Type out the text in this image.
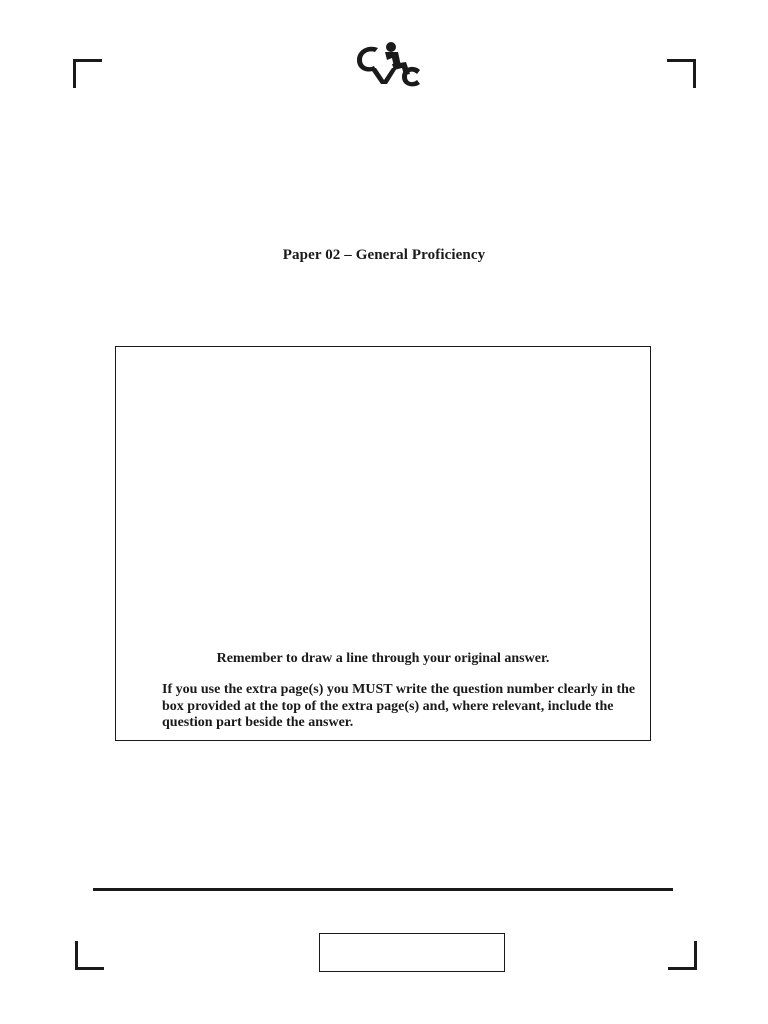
Paper 02 – General Proficiency
Remember to draw a line through your original answer.
If you use the extra page(s) you MUST write the question number clearly in the box provided at the top of the extra page(s) and, where relevant, include the question part beside the answer.
